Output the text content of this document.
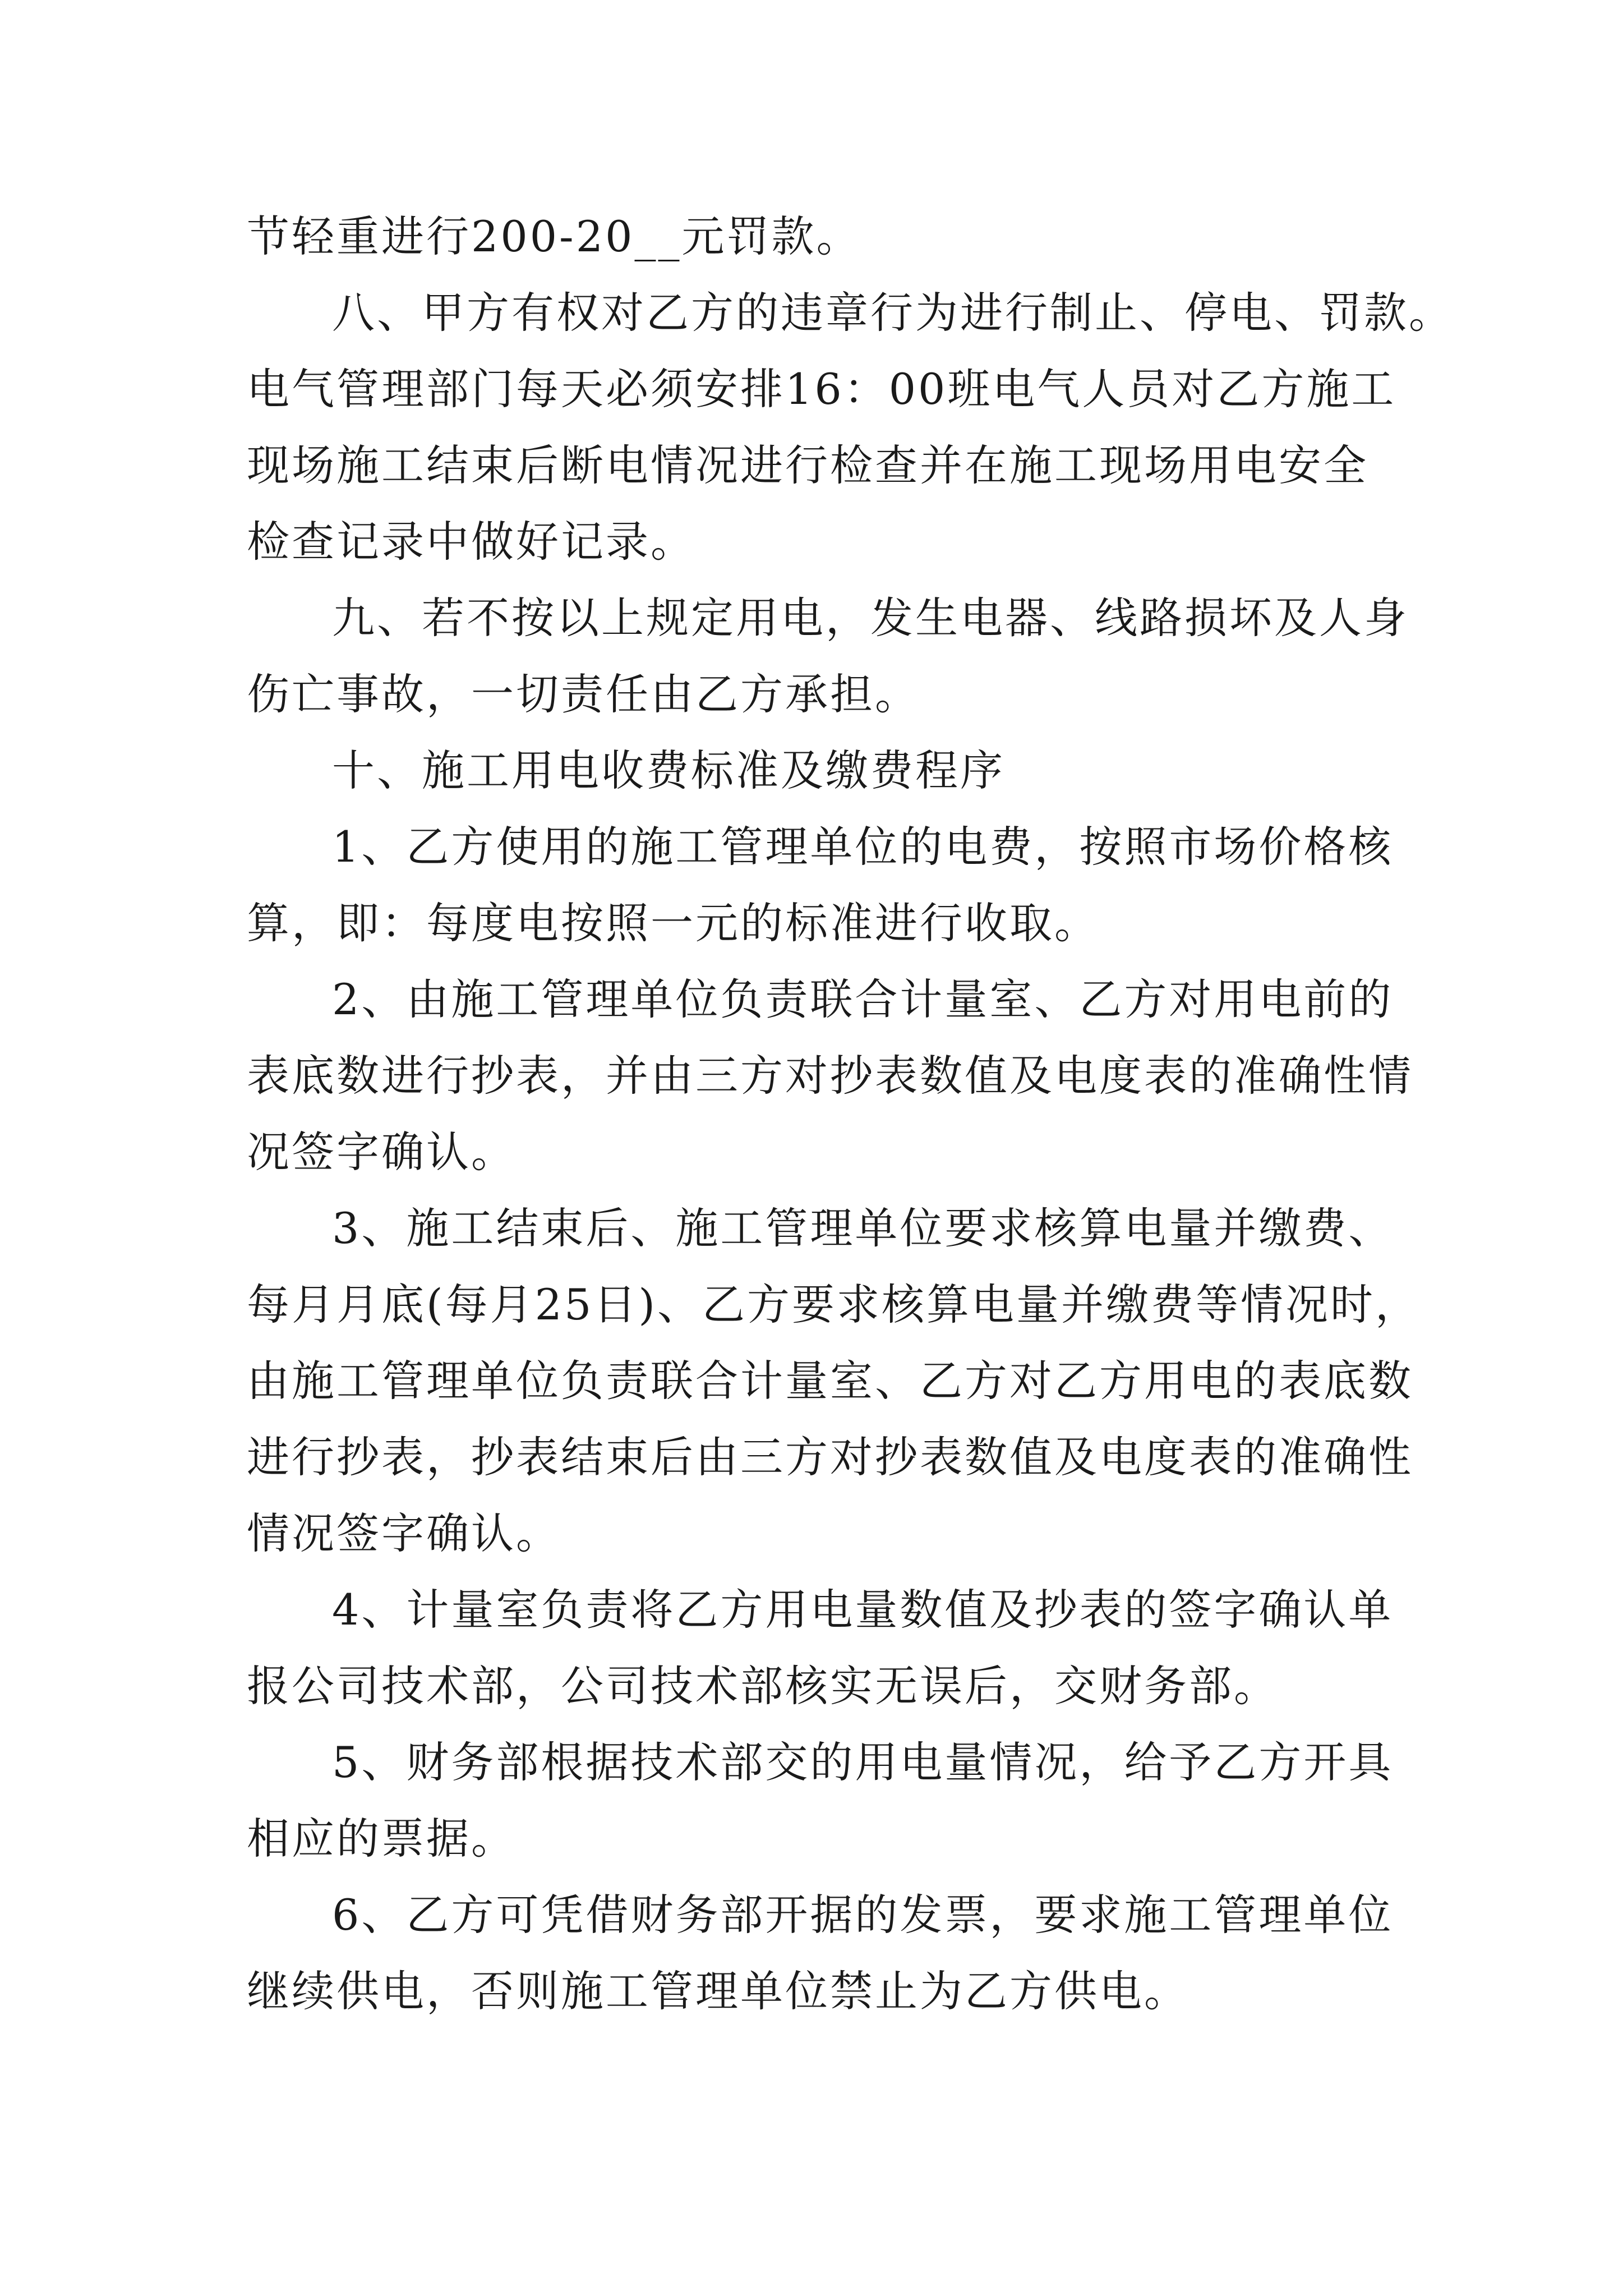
节轻重进行200-20__元罚款。
八、甲方有权对乙方的违章行为进行制止、停电、罚款。
电气管理部门每天必须安排16：00班电气人员对乙方施工
现场施工结束后断电情况进行检查并在施工现场用电安全
检查记录中做好记录。
九、若不按以上规定用电，发生电器、线路损坏及人身
伤亡事故，一切责任由乙方承担。
十、施工用电收费标准及缴费程序
1、乙方使用的施工管理单位的电费，按照市场价格核
算，即：每度电按照一元的标准进行收取。
2、由施工管理单位负责联合计量室、乙方对用电前的
表底数进行抄表，并由三方对抄表数值及电度表的准确性情
况签字确认。
3、施工结束后、施工管理单位要求核算电量并缴费、
每月月底(每月25日)、乙方要求核算电量并缴费等情况时，
由施工管理单位负责联合计量室、乙方对乙方用电的表底数
进行抄表，抄表结束后由三方对抄表数值及电度表的准确性
情况签字确认。
4、计量室负责将乙方用电量数值及抄表的签字确认单
报公司技术部，公司技术部核实无误后，交财务部。
5、财务部根据技术部交的用电量情况，给予乙方开具
相应的票据。
6、乙方可凭借财务部开据的发票，要求施工管理单位
继续供电，否则施工管理单位禁止为乙方供电。
